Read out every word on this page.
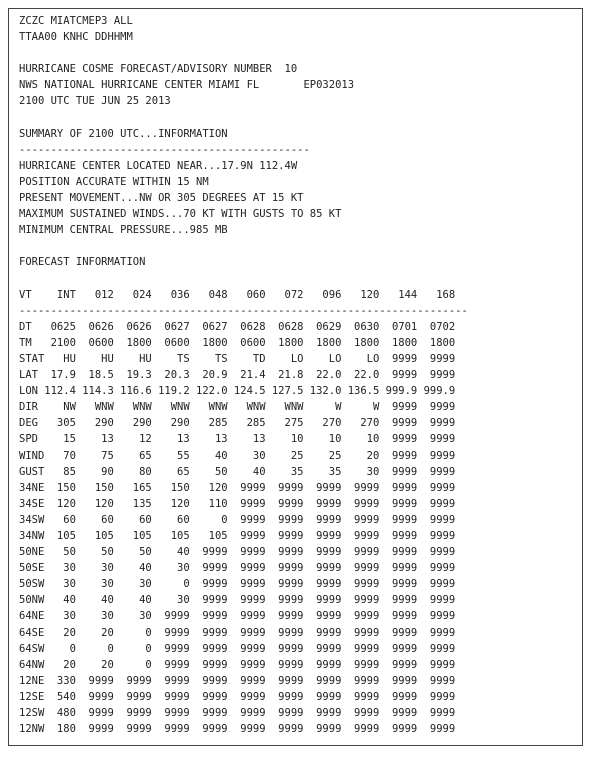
ZCZC MIATCMEP3 ALL
TTAA00 KNHC DDHHMM
HURRICANE COSME FORECAST/ADVISORY NUMBER  10
NWS NATIONAL HURRICANE CENTER MIAMI FL       EP032013
2100 UTC TUE JUN 25 2013
SUMMARY OF 2100 UTC...INFORMATION
----------------------------------------------
HURRICANE CENTER LOCATED NEAR...17.9N 112.4W
POSITION ACCURATE WITHIN 15 NM
PRESENT MOVEMENT...NW OR 305 DEGREES AT 15 KT
MAXIMUM SUSTAINED WINDS...70 KT WITH GUSTS TO 85 KT
MINIMUM CENTRAL PRESSURE...985 MB
FORECAST INFORMATION
VT    INT   012   024   036   048   060   072   096   120   144   168
-----------------------------------------------------------------------
DT   0625  0626  0626  0627  0627  0628  0628  0629  0630  0701  0702
TM   2100  0600  1800  0600  1800  0600  1800  1800  1800  1800  1800
STAT   HU    HU    HU    TS    TS    TD    LO    LO    LO  9999  9999
LAT  17.9  18.5  19.3  20.3  20.9  21.4  21.8  22.0  22.0  9999  9999
LON 112.4 114.3 116.6 119.2 122.0 124.5 127.5 132.0 136.5 999.9 999.9
DIR    NW   WNW   WNW   WNW   WNW   WNW   WNW     W     W  9999  9999
DEG   305   290   290   290   285   285   275   270   270  9999  9999
SPD    15    13    12    13    13    13    10    10    10  9999  9999
WIND   70    75    65    55    40    30    25    25    20  9999  9999
GUST   85    90    80    65    50    40    35    35    30  9999  9999
34NE  150   150   165   150   120  9999  9999  9999  9999  9999  9999
34SE  120   120   135   120   110  9999  9999  9999  9999  9999  9999
34SW   60    60    60    60     0  9999  9999  9999  9999  9999  9999
34NW  105   105   105   105   105  9999  9999  9999  9999  9999  9999
50NE   50    50    50    40  9999  9999  9999  9999  9999  9999  9999
50SE   30    30    40    30  9999  9999  9999  9999  9999  9999  9999
50SW   30    30    30     0  9999  9999  9999  9999  9999  9999  9999
50NW   40    40    40    30  9999  9999  9999  9999  9999  9999  9999
64NE   30    30    30  9999  9999  9999  9999  9999  9999  9999  9999
64SE   20    20     0  9999  9999  9999  9999  9999  9999  9999  9999
64SW    0     0     0  9999  9999  9999  9999  9999  9999  9999  9999
64NW   20    20     0  9999  9999  9999  9999  9999  9999  9999  9999
12NE  330  9999  9999  9999  9999  9999  9999  9999  9999  9999  9999
12SE  540  9999  9999  9999  9999  9999  9999  9999  9999  9999  9999
12SW  480  9999  9999  9999  9999  9999  9999  9999  9999  9999  9999
12NW  180  9999  9999  9999  9999  9999  9999  9999  9999  9999  9999
